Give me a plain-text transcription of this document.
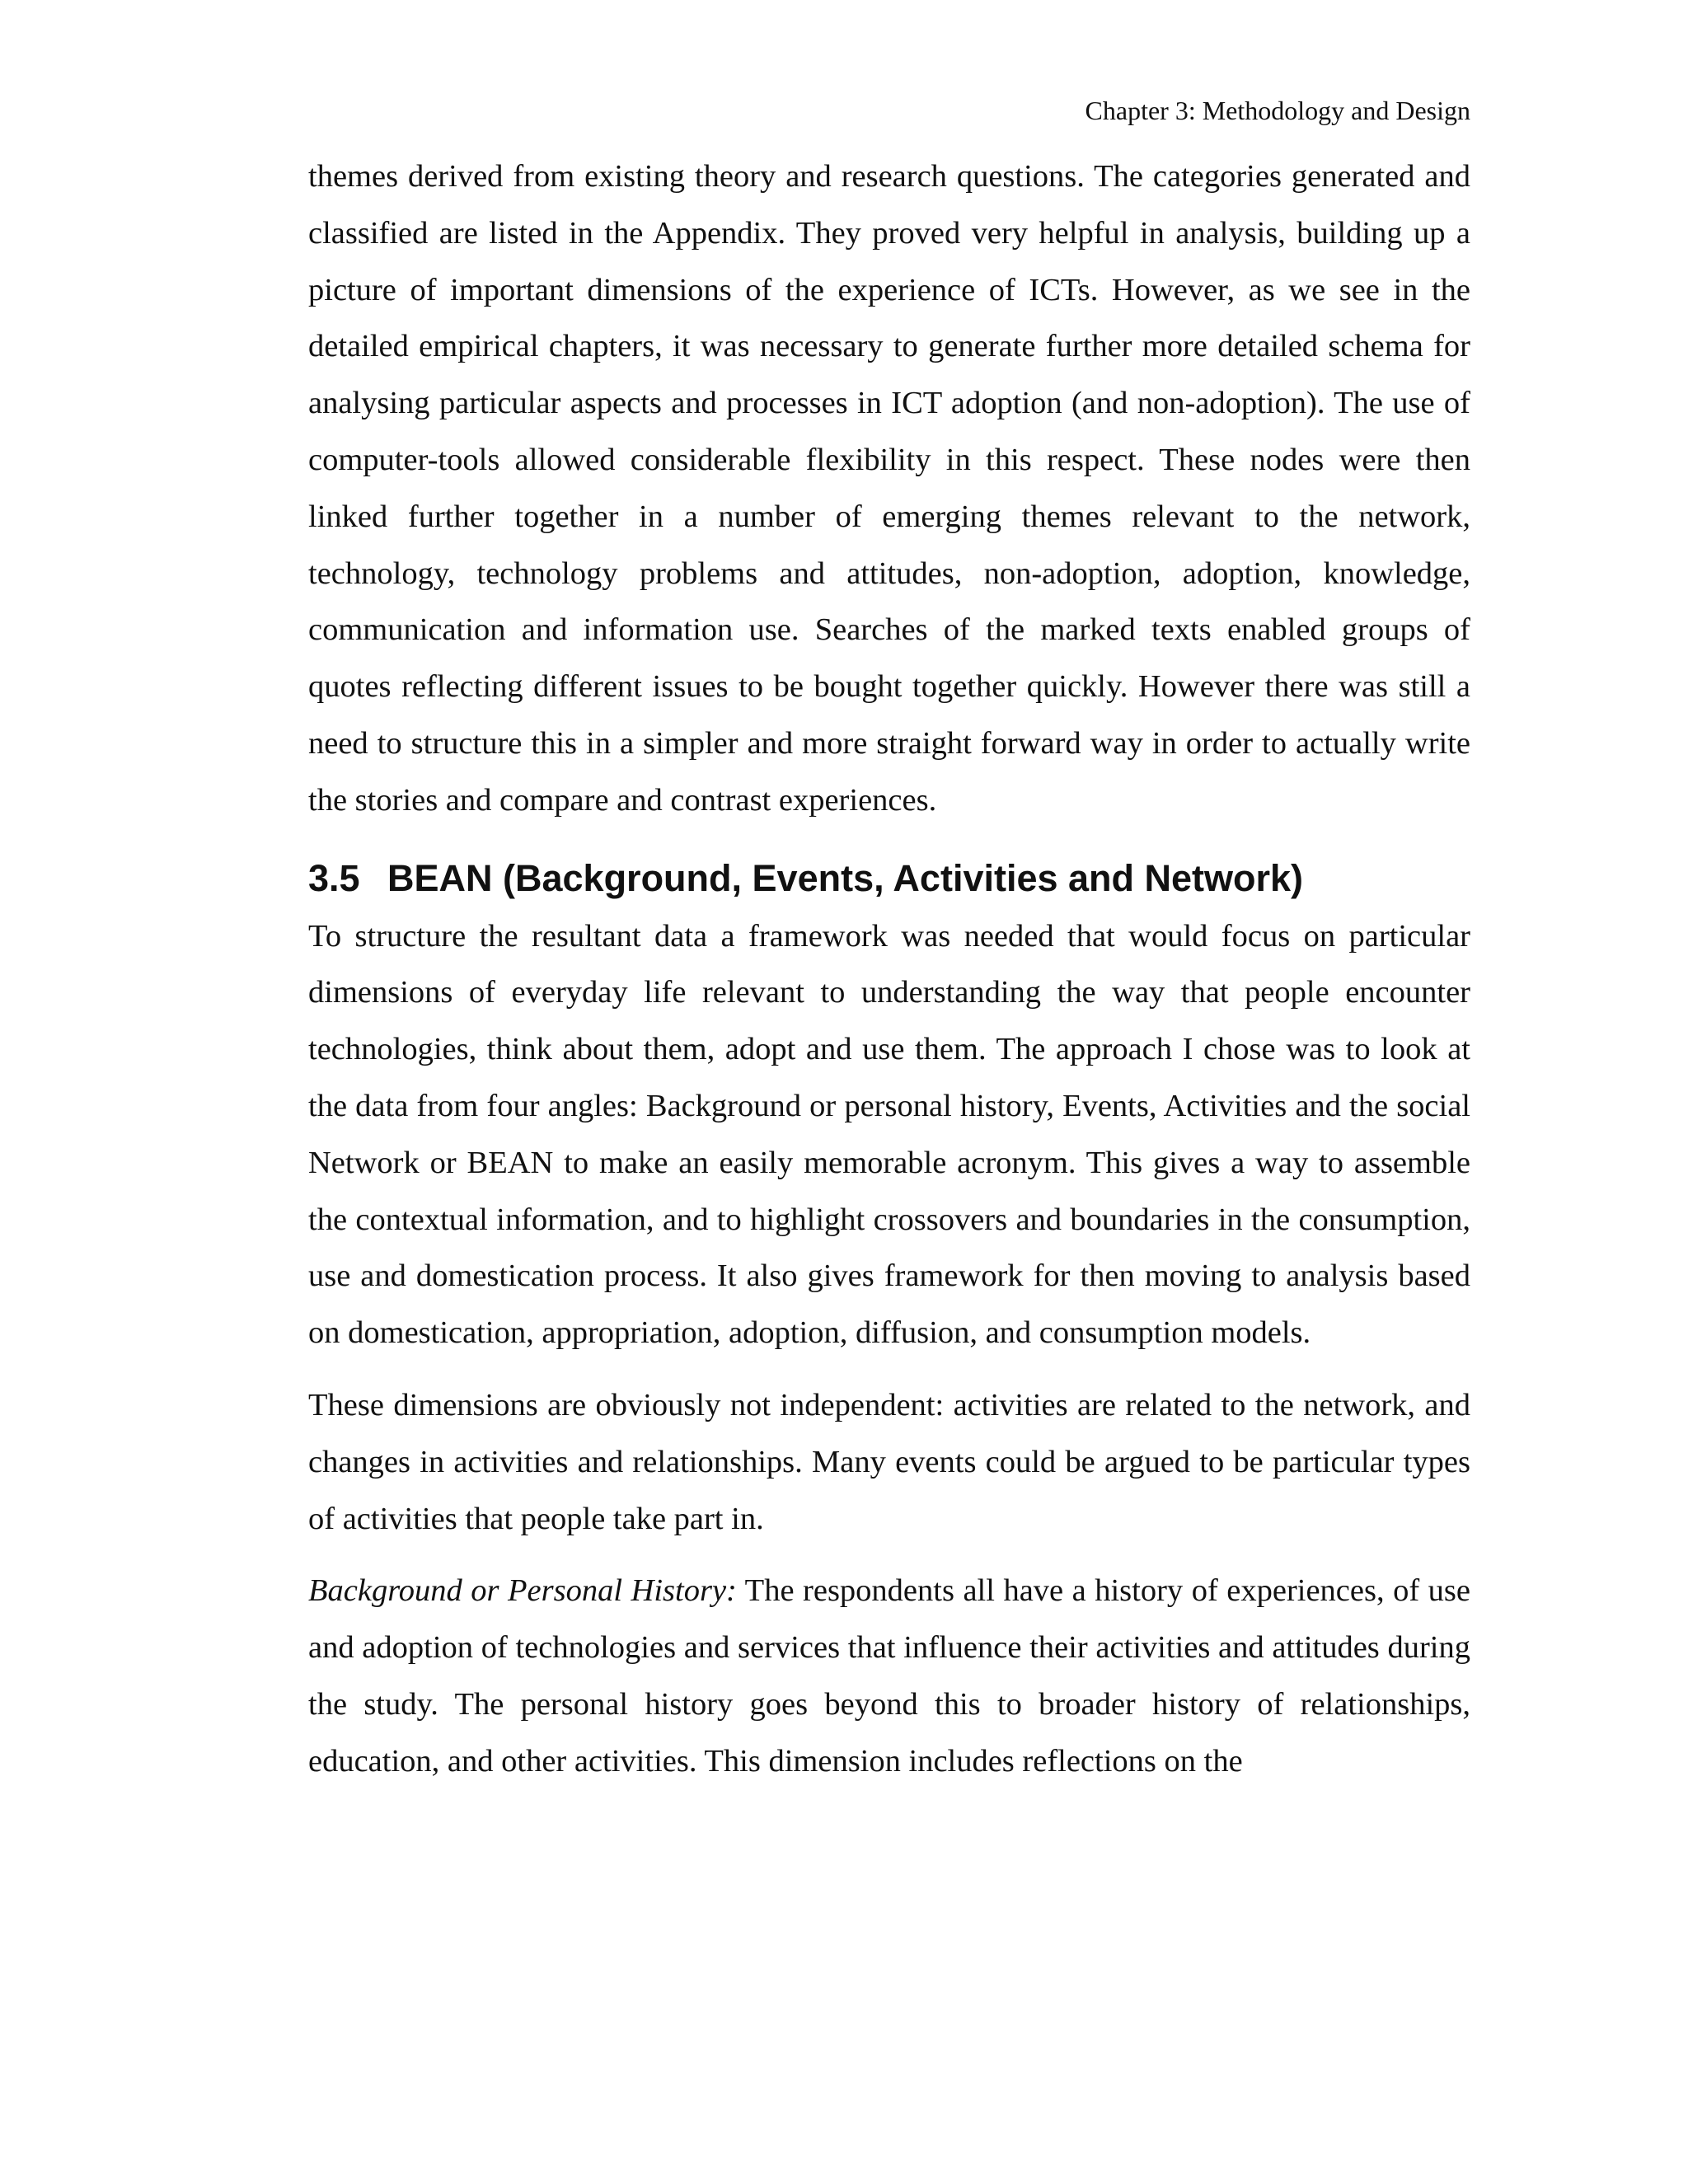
Chapter 3: Methodology and Design

themes derived from existing theory and research questions. The categories generated and classified are listed in the Appendix. They proved very helpful in analysis, building up a picture of important dimensions of the experience of ICTs. However, as we see in the detailed empirical chapters, it was necessary to generate further more detailed schema for analysing particular aspects and processes in ICT adoption (and non-adoption). The use of computer-tools allowed considerable flexibility in this respect. These nodes were then linked further together in a number of emerging themes relevant to the network, technology, technology problems and attitudes, non-adoption, adoption, knowledge, communication and information use. Searches of the marked texts enabled groups of quotes reflecting different issues to be bought together quickly. However there was still a need to structure this in a simpler and more straight forward way in order to actually write the stories and compare and contrast experiences.

3.5 BEAN (Background, Events, Activities and Network)

To structure the resultant data a framework was needed that would focus on particular dimensions of everyday life relevant to understanding the way that people encounter technologies, think about them, adopt and use them. The approach I chose was to look at the data from four angles: Background or personal history, Events, Activities and the social Network or BEAN to make an easily memorable acronym. This gives a way to assemble the contextual information, and to highlight crossovers and boundaries in the consumption, use and domestication process. It also gives framework for then moving to analysis based on domestication, appropriation, adoption, diffusion, and consumption models.

These dimensions are obviously not independent: activities are related to the network, and changes in activities and relationships. Many events could be argued to be particular types of activities that people take part in.

Background or Personal History: The respondents all have a history of experiences, of use and adoption of technologies and services that influence their activities and attitudes during the study. The personal history goes beyond this to broader history of relationships, education, and other activities. This dimension includes reflections on the
